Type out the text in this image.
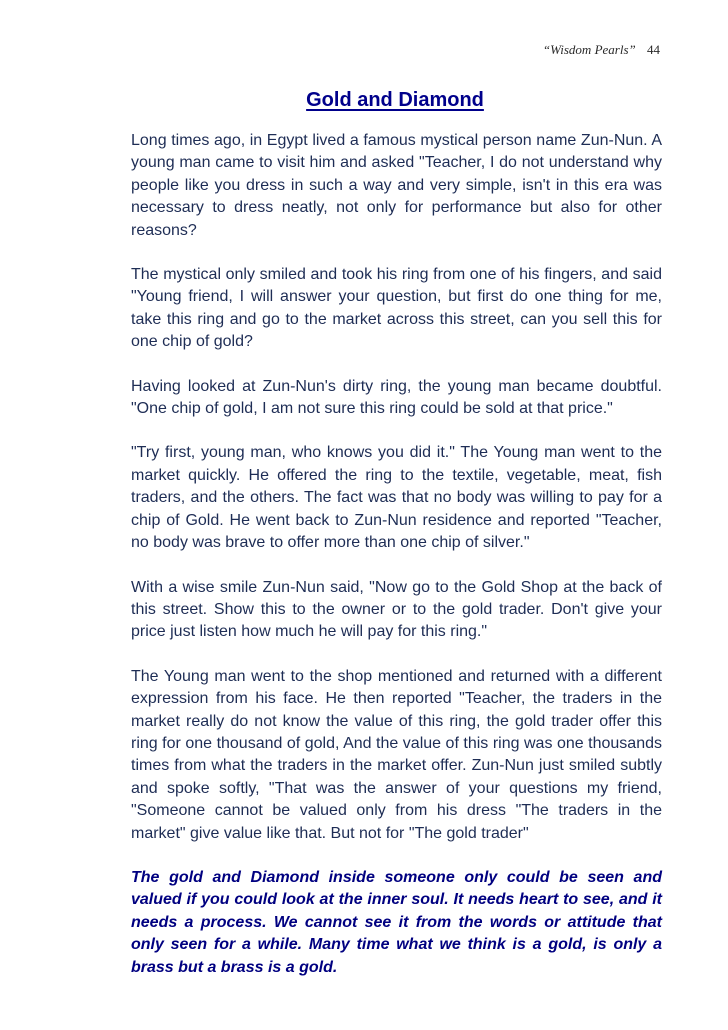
“Wisdom Pearls” 44
Gold and Diamond

Long times ago, in Egypt lived a famous mystical person name Zun-Nun. A young man came to visit him and asked "Teacher, I do not understand why people like you dress in such a way and very simple, isn't in this era was necessary to dress neatly, not only for performance but also for other reasons?

The mystical only smiled and took his ring from one of his fingers, and said "Young friend, I will answer your question, but first do one thing for me, take this ring and go to the market across this street, can you sell this for one chip of gold?

Having looked at Zun-Nun's dirty ring, the young man became doubtful. "One chip of gold, I am not sure this ring could be sold at that price."

"Try first, young man, who knows you did it." The Young man went to the market quickly. He offered the ring to the textile, vegetable, meat, fish traders, and the others. The fact was that no body was willing to pay for a chip of Gold. He went back to Zun-Nun residence and reported "Teacher, no body was brave to offer more than one chip of silver."

With a wise smile Zun-Nun said, "Now go to the Gold Shop at the back of this street. Show this to the owner or to the gold trader. Don't give your price just listen how much he will pay for this ring."

The Young man went to the shop mentioned and returned with a different expression from his face. He then reported "Teacher, the traders in the market really do not know the value of this ring, the gold trader offer this ring for one thousand of gold, And the value of this ring was one thousands times from what the traders in the market offer. Zun-Nun just smiled subtly and spoke softly, "That was the answer of your questions my friend, "Someone cannot be valued only from his dress "The traders in the market" give value like that. But not for "The gold trader"

The gold and Diamond inside someone only could be seen and valued if you could look at the inner soul. It needs heart to see, and it needs a process. We cannot see it from the words or attitude that only seen for a while. Many time what we think is a gold, is only a brass but a brass is a gold.
